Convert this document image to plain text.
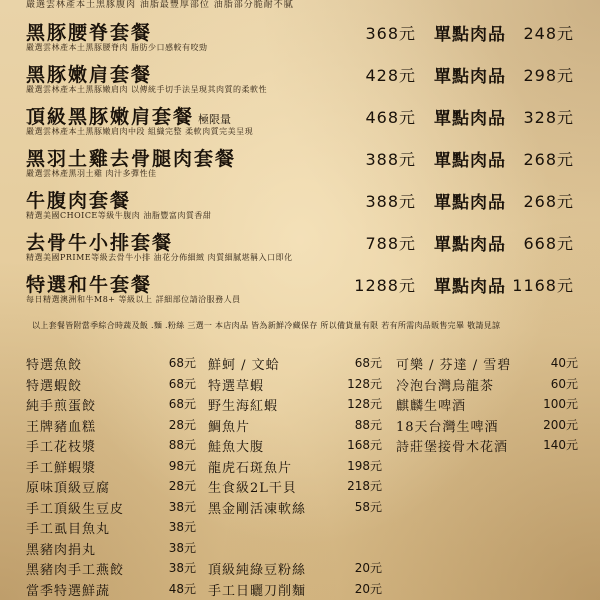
嚴選雲林產本土黑豚腹肉 油脂最豐厚部位 油脂部分脆耐不膩
黑豚腰脊套餐
嚴選雲林產本土黑豚腰脊肉 脂肪少口感較有咬勁
368元 單點肉品 248元
黑豚嫩肩套餐
嚴選雲林產本土黑豚嫩肩肉 以傳統手切手法呈現其肉質的柔軟性
428元 單點肉品 298元
頂級黑豚嫩肩套餐 極限量
嚴選雲林產本土黑豚嫩肩肉中段 組織完整 柔軟肉質完美呈現
468元 單點肉品 328元
黑羽土雞去骨腿肉套餐
嚴選雲林產黑羽土雞 肉汁多彈性佳
388元 單點肉品 268元
牛腹肉套餐
精選美國CHOICE等級牛腹肉 油脂豐富肉質香甜
388元 單點肉品 268元
去骨牛小排套餐
精選美國PRIME等級去骨牛小排 油花分佈細緻 肉質細膩堪稱入口即化
788元 單點肉品 668元
特選和牛套餐
每日精選澳洲和牛M8+ 等級以上 詳細部位請洽服務人員
1288元 單點肉品 1168元
以上套餐皆附當季綜合時蔬及飯 .麵 .粉絲 三選一 本店肉品 皆為新鮮冷藏保存 所以備貨量有限 若有所需肉品販售完畢 敬請見諒
特選魚餃	68元
特選蝦餃	68元
純手煎蛋餃	68元
王牌豬血糕	28元
手工花枝漿	88元
手工鮮蝦漿	98元
原味頂級豆腐	28元
手工頂級生豆皮	38元
手工虱目魚丸	38元
黑豬肉捐丸	38元
黑豬肉手工燕餃	38元
當季特選鮮蔬	48元
鮮蚵 / 文蛤	68元
特選草蝦	128元
野生海紅蝦	128元
鯛魚片	88元
鮭魚大腹	168元
龍虎石斑魚片	198元
生食級2L干貝	218元
黑金剛活凍軟絲	58元
頂級純綠豆粉絲	20元
手工日曬刀削麵	20元
可樂 / 芬達 / 雪碧	40元
冷泡台灣烏龍茶	60元
麒麟生啤酒	100元
18天台灣生啤酒	200元
詩莊堡接骨木花酒	140元
